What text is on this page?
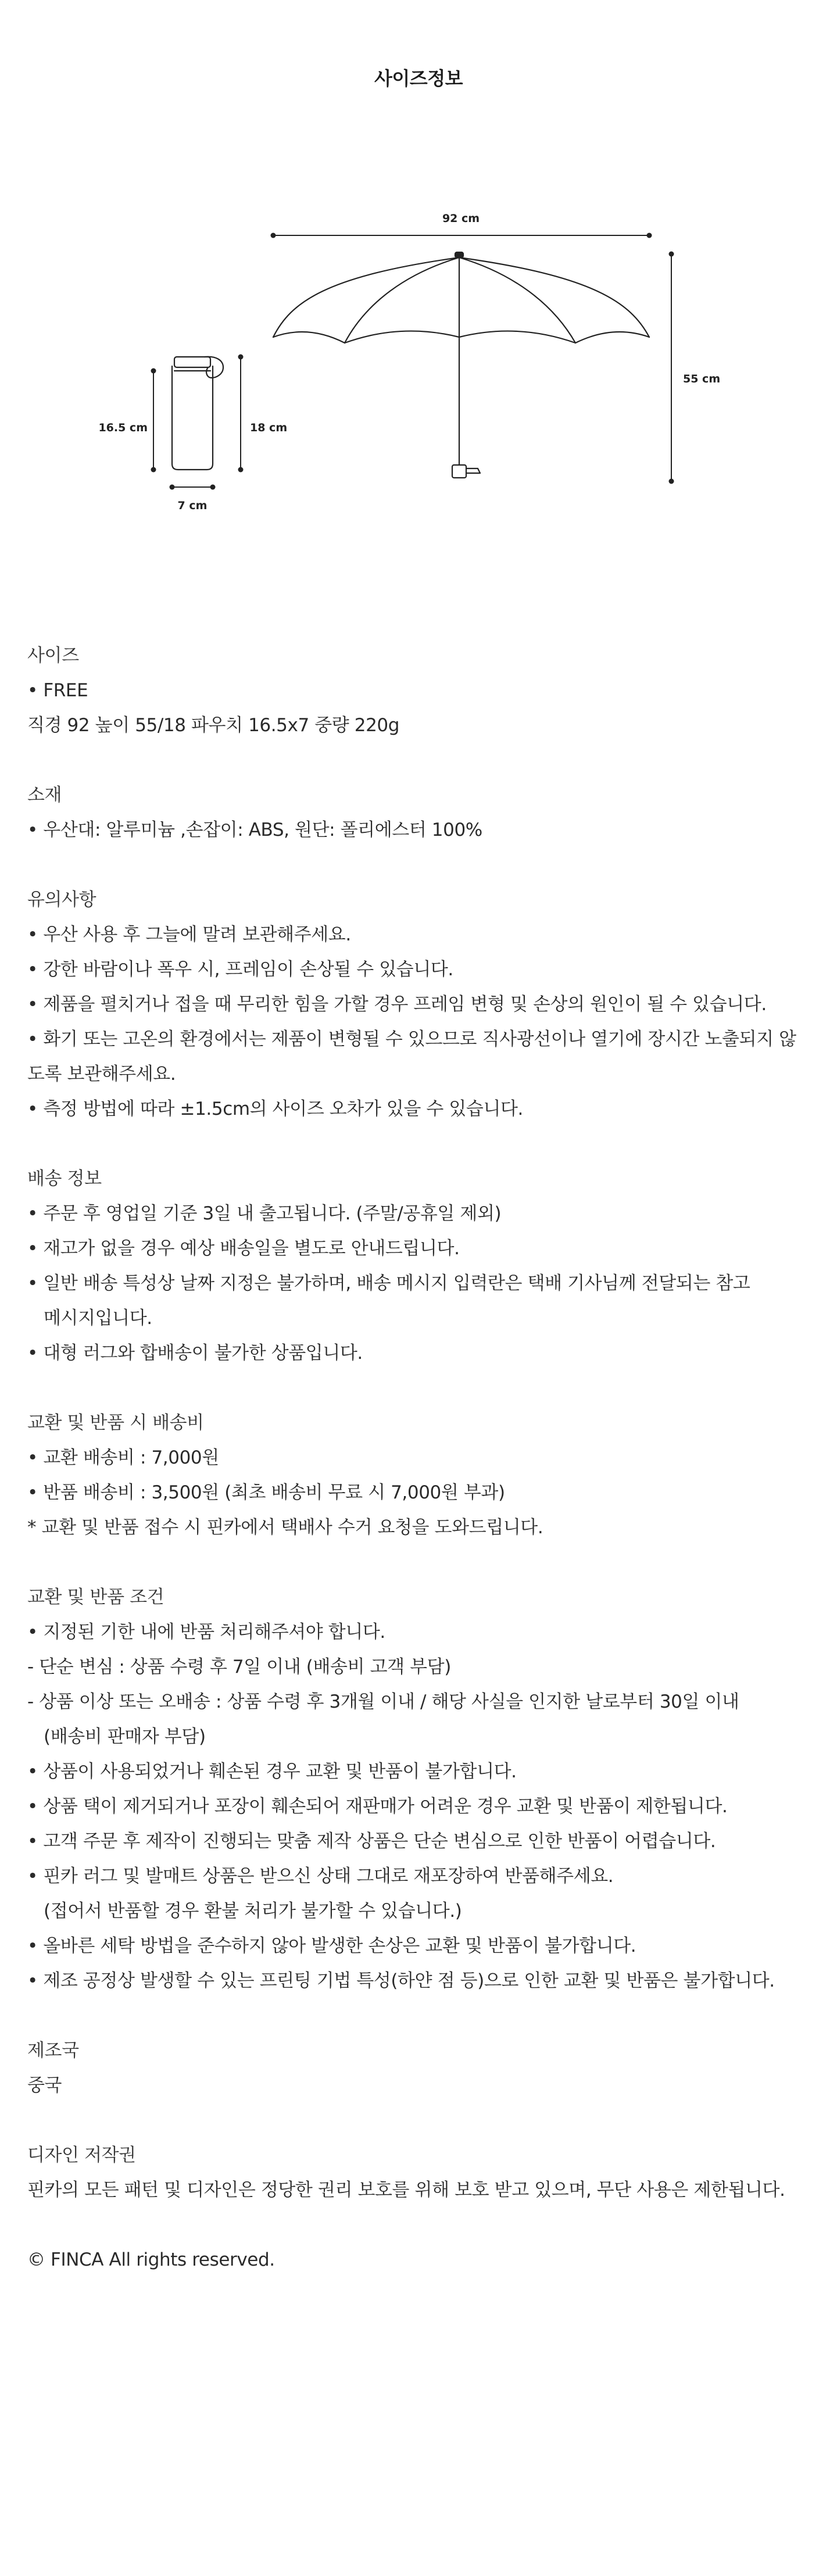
사이즈정보
92 cm
55 cm
16.5 cm	18 cm
7 cm
사이즈
• FREE
직경 92 높이 55/18 파우치 16.5x7 중량 220g
소재
• 우산대: 알루미늄 ,손잡이: ABS, 원단: 폴리에스터 100%
유의사항
• 우산 사용 후 그늘에 말려 보관해주세요.
• 강한 바람이나 폭우 시, 프레임이 손상될 수 있습니다.
• 제품을 펼치거나 접을 때 무리한 힘을 가할 경우 프레임 변형 및 손상의 원인이 될 수 있습니다.
• 화기 또는 고온의 환경에서는 제품이 변형될 수 있으므로 직사광선이나 열기에 장시간 노출되지 않
도록 보관해주세요.
• 측정 방법에 따라 ±1.5cm의 사이즈 오차가 있을 수 있습니다.
배송 정보
• 주문 후 영업일 기준 3일 내 출고됩니다. (주말/공휴일 제외)
• 재고가 없을 경우 예상 배송일을 별도로 안내드립니다.
• 일반 배송 특성상 날짜 지정은 불가하며, 배송 메시지 입력란은 택배 기사님께 전달되는 참고
메시지입니다.
• 대형 러그와 합배송이 불가한 상품입니다.
교환 및 반품 시 배송비
• 교환 배송비 : 7,000원
• 반품 배송비 : 3,500원 (최초 배송비 무료 시 7,000원 부과)
* 교환 및 반품 접수 시 핀카에서 택배사 수거 요청을 도와드립니다.
교환 및 반품 조건
• 지정된 기한 내에 반품 처리해주셔야 합니다.
- 단순 변심 : 상품 수령 후 7일 이내 (배송비 고객 부담)
- 상품 이상 또는 오배송 : 상품 수령 후 3개월 이내 / 해당 사실을 인지한 날로부터 30일 이내
(배송비 판매자 부담)
• 상품이 사용되었거나 훼손된 경우 교환 및 반품이 불가합니다.
• 상품 택이 제거되거나 포장이 훼손되어 재판매가 어려운 경우 교환 및 반품이 제한됩니다.
• 고객 주문 후 제작이 진행되는 맞춤 제작 상품은 단순 변심으로 인한 반품이 어렵습니다.
• 핀카 러그 및 발매트 상품은 받으신 상태 그대로 재포장하여 반품해주세요.
(접어서 반품할 경우 환불 처리가 불가할 수 있습니다.)
• 올바른 세탁 방법을 준수하지 않아 발생한 손상은 교환 및 반품이 불가합니다.
• 제조 공정상 발생할 수 있는 프린팅 기법 특성(하얀 점 등)으로 인한 교환 및 반품은 불가합니다.
제조국
중국
디자인 저작권
핀카의 모든 패턴 및 디자인은 정당한 권리 보호를 위해 보호 받고 있으며, 무단 사용은 제한됩니다.
© FINCA All rights reserved.
